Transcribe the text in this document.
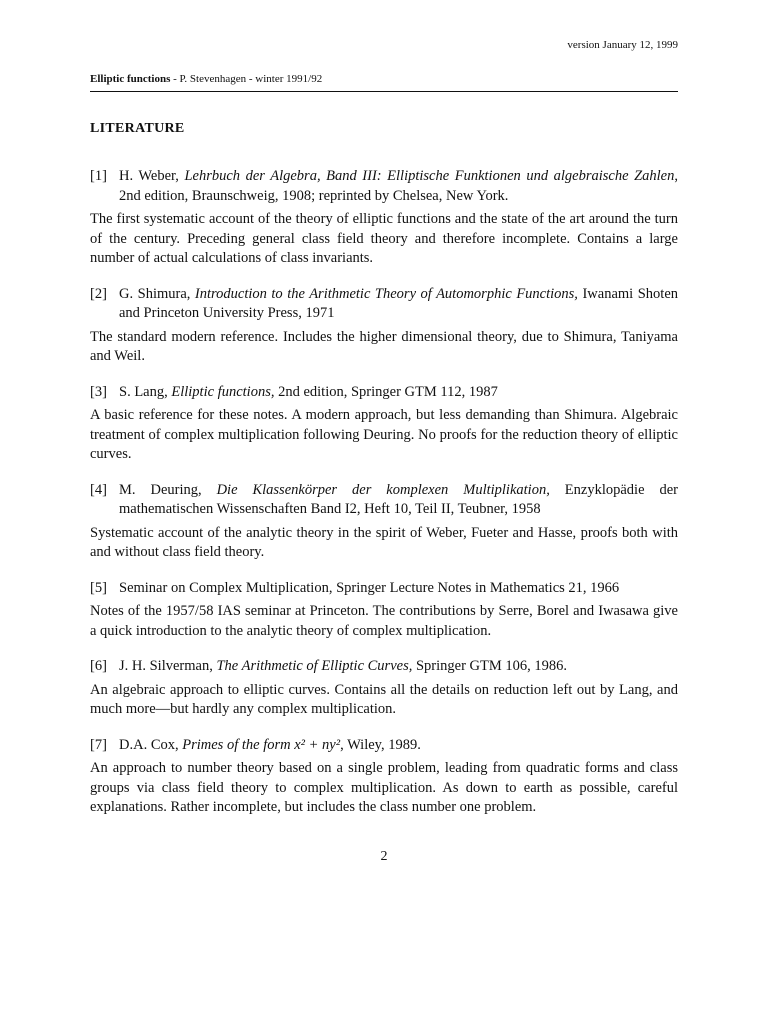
version January 12, 1999
Elliptic functions - P. Stevenhagen - winter 1991/92
LITERATURE

[1] H. Weber, Lehrbuch der Algebra, Band III: Elliptische Funktionen und algebraische Zahlen, 2nd edition, Braunschweig, 1908; reprinted by Chelsea, New York.

The first systematic account of the theory of elliptic functions and the state of the art around the turn of the century. Preceding general class field theory and therefore incomplete. Contains a large number of actual calculations of class invariants.

[2] G. Shimura, Introduction to the Arithmetic Theory of Automorphic Functions, Iwanami Shoten and Princeton University Press, 1971

The standard modern reference. Includes the higher dimensional theory, due to Shimura, Taniyama and Weil.

[3] S. Lang, Elliptic functions, 2nd edition, Springer GTM 112, 1987

A basic reference for these notes. A modern approach, but less demanding than Shimura. Algebraic treatment of complex multiplication following Deuring. No proofs for the reduction theory of elliptic curves.

[4] M. Deuring, Die Klassenkörper der komplexen Multiplikation, Enzyklopädie der mathematischen Wissenschaften Band I2, Heft 10, Teil II, Teubner, 1958

Systematic account of the analytic theory in the spirit of Weber, Fueter and Hasse, proofs both with and without class field theory.

[5] Seminar on Complex Multiplication, Springer Lecture Notes in Mathematics 21, 1966

Notes of the 1957/58 IAS seminar at Princeton. The contributions by Serre, Borel and Iwasawa give a quick introduction to the analytic theory of complex multiplication.

[6] J. H. Silverman, The Arithmetic of Elliptic Curves, Springer GTM 106, 1986.

An algebraic approach to elliptic curves. Contains all the details on reduction left out by Lang, and much more—but hardly any complex multiplication.

[7] D.A. Cox, Primes of the form x² + ny², Wiley, 1989.

An approach to number theory based on a single problem, leading from quadratic forms and class groups via class field theory to complex multiplication. As down to earth as possible, careful explanations. Rather incomplete, but includes the class number one problem.

2
